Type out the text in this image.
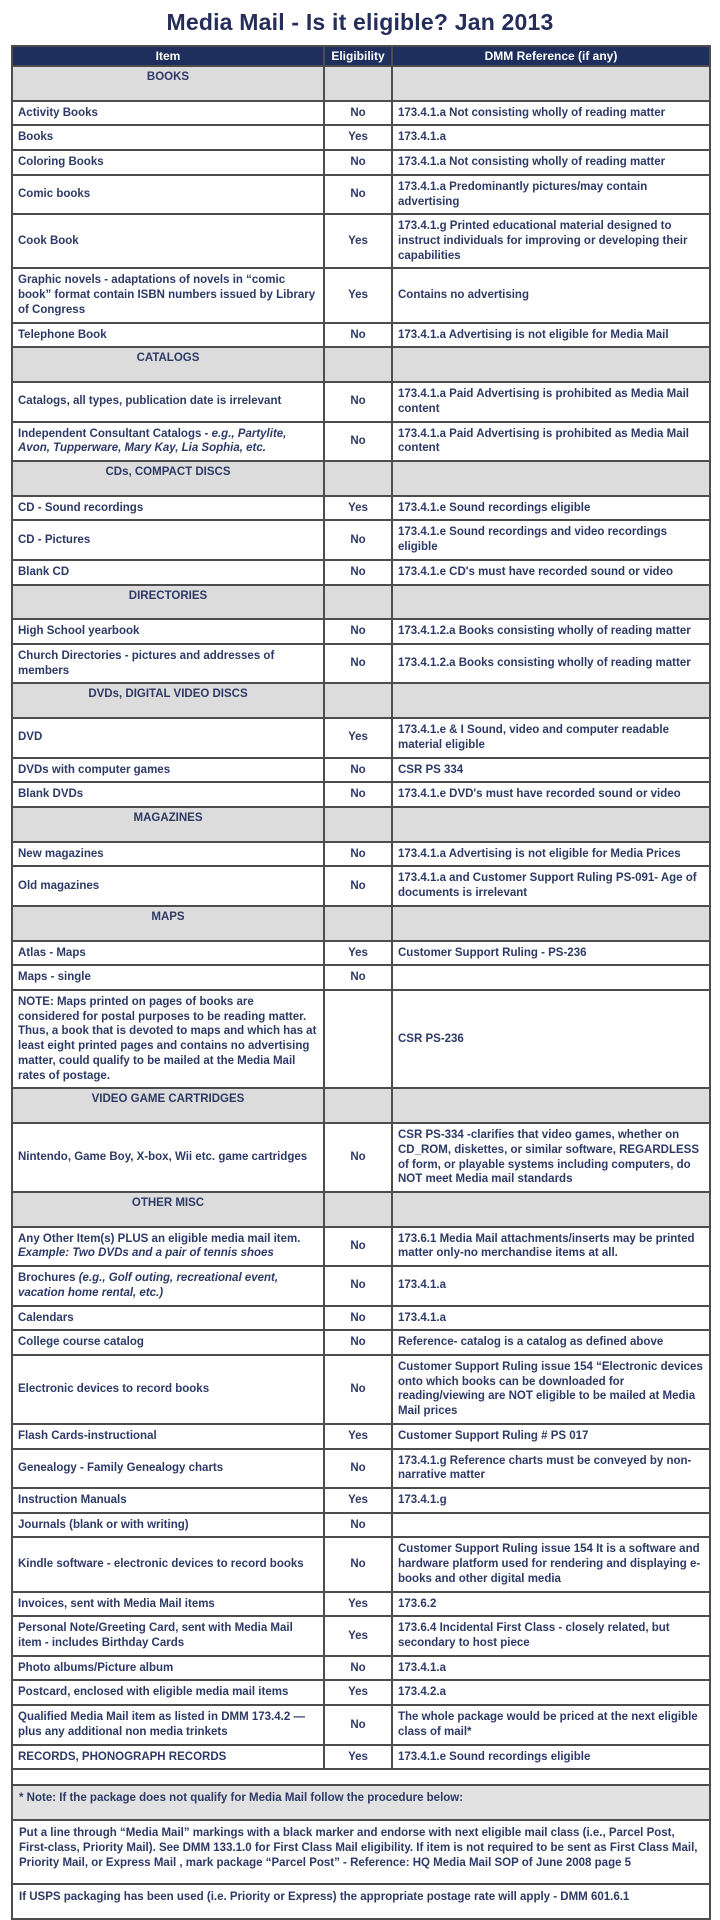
Media Mail - Is it eligible? Jan 2013
Item	Eligibility	DMM Reference (if any)
BOOKS		
Activity Books	No	173.4.1.a Not consisting wholly of reading matter
Books	Yes	173.4.1.a
Coloring Books	No	173.4.1.a Not consisting wholly of reading matter
Comic books	No	173.4.1.a Predominantly pictures/may contain advertising
Cook Book	Yes	173.4.1.g Printed educational material designed to instruct individuals for improving or developing their capabilities
Graphic novels - adaptations of novels in “comic book” format contain ISBN numbers issued by Library of Congress	Yes	Contains no advertising
Telephone Book	No	173.4.1.a Advertising is not eligible for Media Mail
CATALOGS		
Catalogs, all types, publication date is irrelevant	No	173.4.1.a Paid Advertising is prohibited as Media Mail content
Independent Consultant Catalogs - e.g., Partylite, Avon, Tupperware, Mary Kay, Lia Sophia, etc.	No	173.4.1.a Paid Advertising is prohibited as Media Mail content
CDs, COMPACT DISCS		
CD - Sound recordings	Yes	173.4.1.e Sound recordings eligible
CD - Pictures	No	173.4.1.e Sound recordings and video recordings eligible
Blank CD	No	173.4.1.e CD's must have recorded sound or video
DIRECTORIES		
High School yearbook	No	173.4.1.2.a Books consisting wholly of reading matter
Church Directories - pictures and addresses of members	No	173.4.1.2.a Books consisting wholly of reading matter
DVDs, DIGITAL VIDEO DISCS		
DVD	Yes	173.4.1.e & I Sound, video and computer readable material eligible
DVDs with computer games	No	CSR PS 334
Blank DVDs	No	173.4.1.e DVD's must have recorded sound or video
MAGAZINES		
New magazines	No	173.4.1.a Advertising is not eligible for Media Prices
Old magazines	No	173.4.1.a and Customer Support Ruling PS-091- Age of documents is irrelevant
MAPS		
Atlas - Maps	Yes	Customer Support Ruling - PS-236
Maps - single	No	
NOTE: Maps printed on pages of books are considered for postal purposes to be reading matter. Thus, a book that is devoted to maps and which has at least eight printed pages and contains no advertising matter, could qualify to be mailed at the Media Mail rates of postage.		CSR PS-236
VIDEO GAME CARTRIDGES		
Nintendo, Game Boy, X-box, Wii etc. game cartridges	No	CSR PS-334 -clarifies that video games, whether on CD_ROM, diskettes, or similar software, REGARDLESS of form, or playable systems including computers, do NOT meet Media mail standards
OTHER MISC		
Any Other Item(s) PLUS an eligible media mail item. Example: Two DVDs and a pair of tennis shoes	No	173.6.1 Media Mail attachments/inserts may be printed matter only-no merchandise items at all.
Brochures (e.g., Golf outing, recreational event, vacation home rental, etc.)	No	173.4.1.a
Calendars	No	173.4.1.a
College course catalog	No	Reference- catalog is a catalog as defined above
Electronic devices to record books	No	Customer Support Ruling issue 154 “Electronic devices onto which books can be downloaded for reading/viewing are NOT eligible to be mailed at Media Mail prices
Flash Cards-instructional	Yes	Customer Support Ruling # PS 017
Genealogy - Family Genealogy charts	No	173.4.1.g Reference charts must be conveyed by non-narrative matter
Instruction Manuals	Yes	173.4.1.g
Journals (blank or with writing)	No	
Kindle software - electronic devices to record books	No	Customer Support Ruling issue 154 It is a software and hardware platform used for rendering and displaying e-books and other digital media
Invoices, sent with Media Mail items	Yes	173.6.2
Personal Note/Greeting Card, sent with Media Mail item - includes Birthday Cards	Yes	173.6.4 Incidental First Class - closely related, but secondary to host piece
Photo albums/Picture album	No	173.4.1.a
Postcard, enclosed with eligible media mail items	Yes	173.4.2.a
Qualified Media Mail item as listed in DMM 173.4.2 — plus any additional non media trinkets	No	The whole package would be priced at the next eligible class of mail*
RECORDS, PHONOGRAPH RECORDS	Yes	173.4.1.e Sound recordings eligible

* Note: If the package does not qualify for Media Mail follow the procedure below:		
Put a line through “Media Mail” markings with a black marker and endorse with next eligible mail class (i.e., Parcel Post, First-class, Priority Mail). See DMM 133.1.0 for First Class Mail eligibility. If item is not required to be sent as First Class Mail, Priority Mail, or Express Mail , mark package “Parcel Post” - Reference: HQ Media Mail SOP of June 2008 page 5		
If USPS packaging has been used (i.e. Priority or Express) the appropriate postage rate will apply - DMM 601.6.1		
